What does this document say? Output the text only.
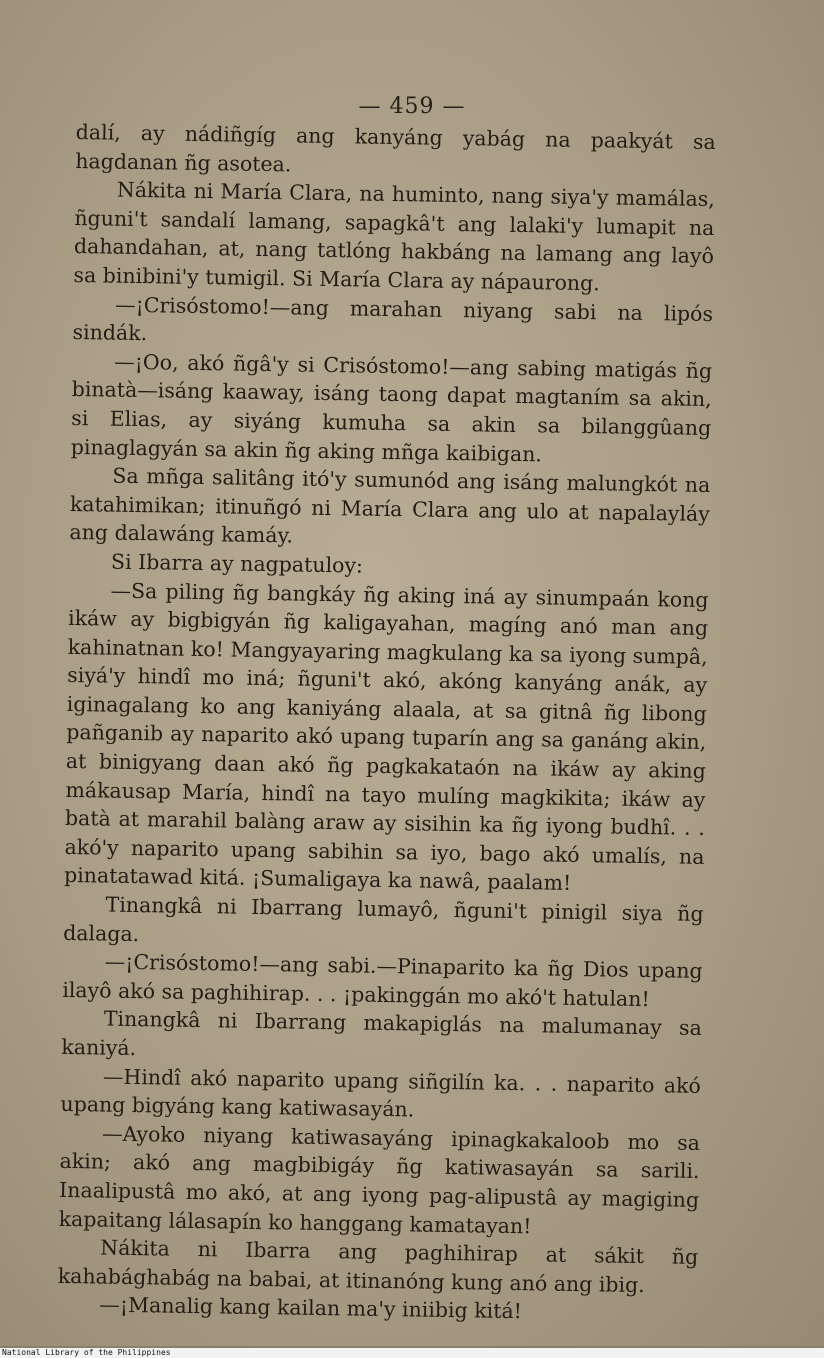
— 459 —

dalí, ay nádiñgíg ang kanyáng yabág na paakyát sa hagdanan ñg asotea.

Nákita ni María Clara, na huminto, nang siya'y mamálas, ñguni't sandalí lamang, sapagkâ't ang lalaki'y lumapit na dahandahan, at, nang tatlóng hakbáng na lamang ang layô sa binibini'y tumigil. Si María Clara ay nápaurong.

—¡Crisóstomo!—ang marahan niyang sabi na lipós sindák.

—¡Oo, akó ñgâ'y si Crisóstomo!—ang sabing matigás ñg binatà—isáng kaaway, isáng taong dapat magtaním sa akin, si Elias, ay siyáng kumuha sa akin sa bilanggûang pinaglagyán sa akin ñg aking mñga kaibigan.

Sa mñga salitâng itó'y sumunód ang isáng malungkót na katahimikan; itinuñgó ni María Clara ang ulo at napalayláy ang dalawáng kamáy.

Si Ibarra ay nagpatuloy:

—Sa piling ñg bangkáy ñg aking iná ay sinumpaán kong ikáw ay bigbigyán ñg kaligayahan, magíng anó man ang kahinatnan ko! Mangyayaring magkulang ka sa iyong sumpâ, siyá'y hindî mo iná; ñguni't akó, akóng kanyáng anák, ay iginagalang ko ang kaniyáng alaala, at sa gitnâ ñg libong pañganib ay naparito akó upang tuparín ang sa ganáng akin, at binigyang daan akó ñg pagkakataón na ikáw ay aking mákausap María, hindî na tayo mulíng magkikita; ikáw ay batà at marahil balàng araw ay sisihin ka ñg iyong budhî. . . akó'y naparito upang sabihin sa iyo, bago akó umalís, na pinatatawad kitá. ¡Sumaligaya ka nawâ, paalam!

Tinangkâ ni Ibarrang lumayô, ñguni't pinigil siya ñg dalaga.

—¡Crisóstomo!—ang sabi.—Pinaparito ka ñg Dios upang ilayô akó sa paghihirap. . . ¡pakinggán mo akó't hatulan!

Tinangkâ ni Ibarrang makapiglás na malumanay sa kaniyá.

—Hindî akó naparito upang siñgilín ka. . . naparito akó upang bigyáng kang katiwasayán.

—Ayoko niyang katiwasayáng ipinagkakaloob mo sa akin; akó ang magbibigáy ñg katiwasayán sa sarili. Inaalipustâ mo akó, at ang iyong pag-alipustâ ay magiging kapaitang lálasapín ko hanggang kamatayan!

Nákita ni Ibarra ang paghihirap at sákit ñg kahabághabág na babai, at itinanóng kung anó ang ibig.

—¡Manalig kang kailan ma'y iniibig kitá!

National Library of the Philippines
